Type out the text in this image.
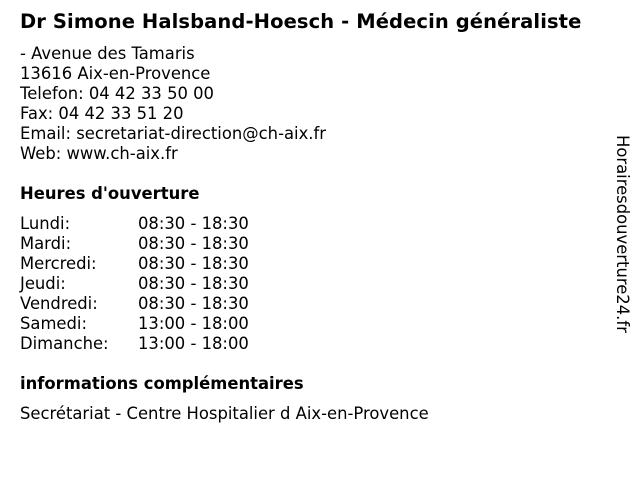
Dr Simone Halsband-Hoesch - Médecin généraliste
- Avenue des Tamaris
13616 Aix-en-Provence
Telefon: 04 42 33 50 00
Fax: 04 42 33 51 20
Email: secretariat-direction@ch-aix.fr
Web: www.ch-aix.fr
Heures d'ouverture
Lundi:	08:30 - 18:30
Mardi:	08:30 - 18:30
Mercredi:	08:30 - 18:30
Jeudi:	08:30 - 18:30
Vendredi: 08:30 - 18:30
Samedi:	13:00 - 18:00
Dimanche: 13:00 - 18:00
informations complémentaires
Secrétariat - Centre Hospitalier d Aix-en-Provence
Horairesdouverture24.fr
